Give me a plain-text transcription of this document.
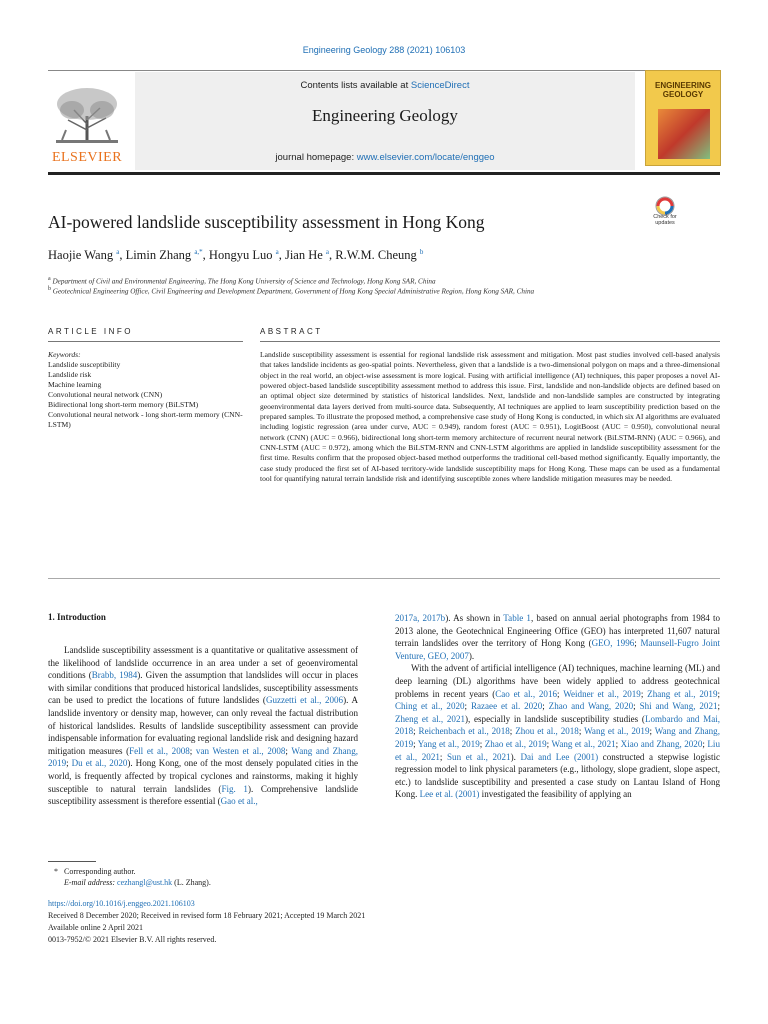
Engineering Geology 288 (2021) 106103
ELSEVIER
Contents lists available at ScienceDirect
Engineering Geology
journal homepage: www.elsevier.com/locate/enggeo
ENGINEERING GEOLOGY
AI-powered landslide susceptibility assessment in Hong Kong	Check for updates
Haojie Wang $^a$, Limin Zhang $^{a,*}$, Hongyu Luo $^a$, Jian He $^a$, R.W.M. Cheung $^b$
$^a$ Department of Civil and Environmental Engineering, The Hong Kong University of Science and Technology, Hong Kong SAR, China
$^b$ Geotechnical Engineering Office, Civil Engineering and Development Department, Government of Hong Kong Special Administrative Region, Hong Kong SAR, China
ARTICLE INFO	ABSTRACT
Keywords:
Landslide susceptibility
Landslide risk
Machine learning
Convolutional neural network (CNN)
Bidirectional long short-term memory (BiLSTM)
Convolutional neural network - long short-term memory (CNN-LSTM)
Landslide susceptibility assessment is essential for regional landslide risk assessment and mitigation. Most past studies involved cell-based analysis that takes landslide incidents as geo-spatial points. Nevertheless, given that a landslide is a two-dimensional polygon on maps and a three-dimensional object in the real world, an object-wise assessment is more logical. Fusing with artificial intelligence (AI) techniques, this paper proposes a novel AI-powered object-based landslide susceptibility assessment method to address this issue. First, landslide and non-landslide objects are defined based on an optimal object size determined by statistics of historical landslides. Next, landslide and non-landslide samples are constructed by integrating geoenvironmental data layers derived from multi-source data. Subsequently, AI techniques are applied to learn susceptibility prediction based on the prepared samples. To illustrate the proposed method, a comprehensive case study of Hong Kong is conducted, in which six AI algorithms are evaluated including logistic regression (area under curve, AUC = 0.949), random forest (AUC = 0.951), LogitBoost (AUC = 0.950), convolutional neural network (CNN) (AUC = 0.966), bidirectional long short-term memory architecture of recurrent neural network (BiLSTM-RNN) (AUC = 0.966), and CNN-LSTM (AUC = 0.972), among which the BiLSTM-RNN and CNN-LSTM algorithms are applied in landslide susceptibility assessment for the first time. Results confirm that the proposed object-based method outperforms the traditional cell-based method significantly. Equally importantly, the case study produced the first set of AI-based territory-wide landslide susceptibility maps for Hong Kong. These maps can be used as a fundamental tool for quantifying natural terrain landslide risk and identifying susceptible zones where landslide mitigation measures may be needed.
1. Introduction

Landslide susceptibility assessment is a quantitative or qualitative assessment of the likelihood of landslide occurrence in an area under a set of geoenviromental conditions (Brabb, 1984). Given the assumption that landslides will occur in places with similar conditions that produced historical landslides, susceptibility assessments can be used to predict the locations of future landslides (Guzzetti et al., 2006). A landslide inventory or density map, however, can only reveal the factual distribution of historical landslides. Results of landslide susceptibility assessment can provide indispensable information for evaluating regional landslide risk and designing hazard mitigation measures (Fell et al., 2008; van Westen et al., 2008; Wang and Zhang, 2019; Du et al., 2020). Hong Kong, one of the most densely populated cities in the world, is frequently affected by tropical cyclones and rainstorms, making it highly susceptible to natural terrain landslides (Fig. 1). Comprehensive landslide susceptibility assessment is therefore essential (Gao et al.,

2017a, 2017b). As shown in Table 1, based on annual aerial photographs from 1984 to 2013 alone, the Geotechnical Engineering Office (GEO) has interpreted 11,607 natural terrain landslides over the territory of Hong Kong (GEO, 1996; Maunsell-Fugro Joint Venture, GEO, 2007).

With the advent of artificial intelligence (AI) techniques, machine learning (ML) and deep learning (DL) algorithms have been widely applied to address geotechnical problems in recent years (Cao et al., 2016; Weidner et al., 2019; Zhang et al., 2019; Ching et al., 2020; Razaee et al. 2020; Zhao and Wang, 2020; Shi and Wang, 2021; Zheng et al., 2021), especially in landslide susceptibility studies (Lombardo and Mai, 2018; Reichenbach et al., 2018; Zhou et al., 2018; Wang et al., 2019; Wang and Zhang, 2019; Yang et al., 2019; Zhao et al., 2019; Wang et al., 2021; Xiao and Zhang, 2020; Liu et al., 2021; Sun et al., 2021). Dai and Lee (2001) constructed a stepwise logistic regression model to link physical parameters (e.g., lithology, slope gradient, slope aspect, etc.) to landslide susceptibility and presented a case study on Lantau Island of Hong Kong. Lee et al. (2001) investigated the feasibility of applying an

* Corresponding author.
E-mail address: cezhangl@ust.hk (L. Zhang).
https://doi.org/10.1016/j.enggeo.2021.106103
Received 8 December 2020; Received in revised form 18 February 2021; Accepted 19 March 2021
Available online 2 April 2021
0013-7952/© 2021 Elsevier B.V. All rights reserved.
